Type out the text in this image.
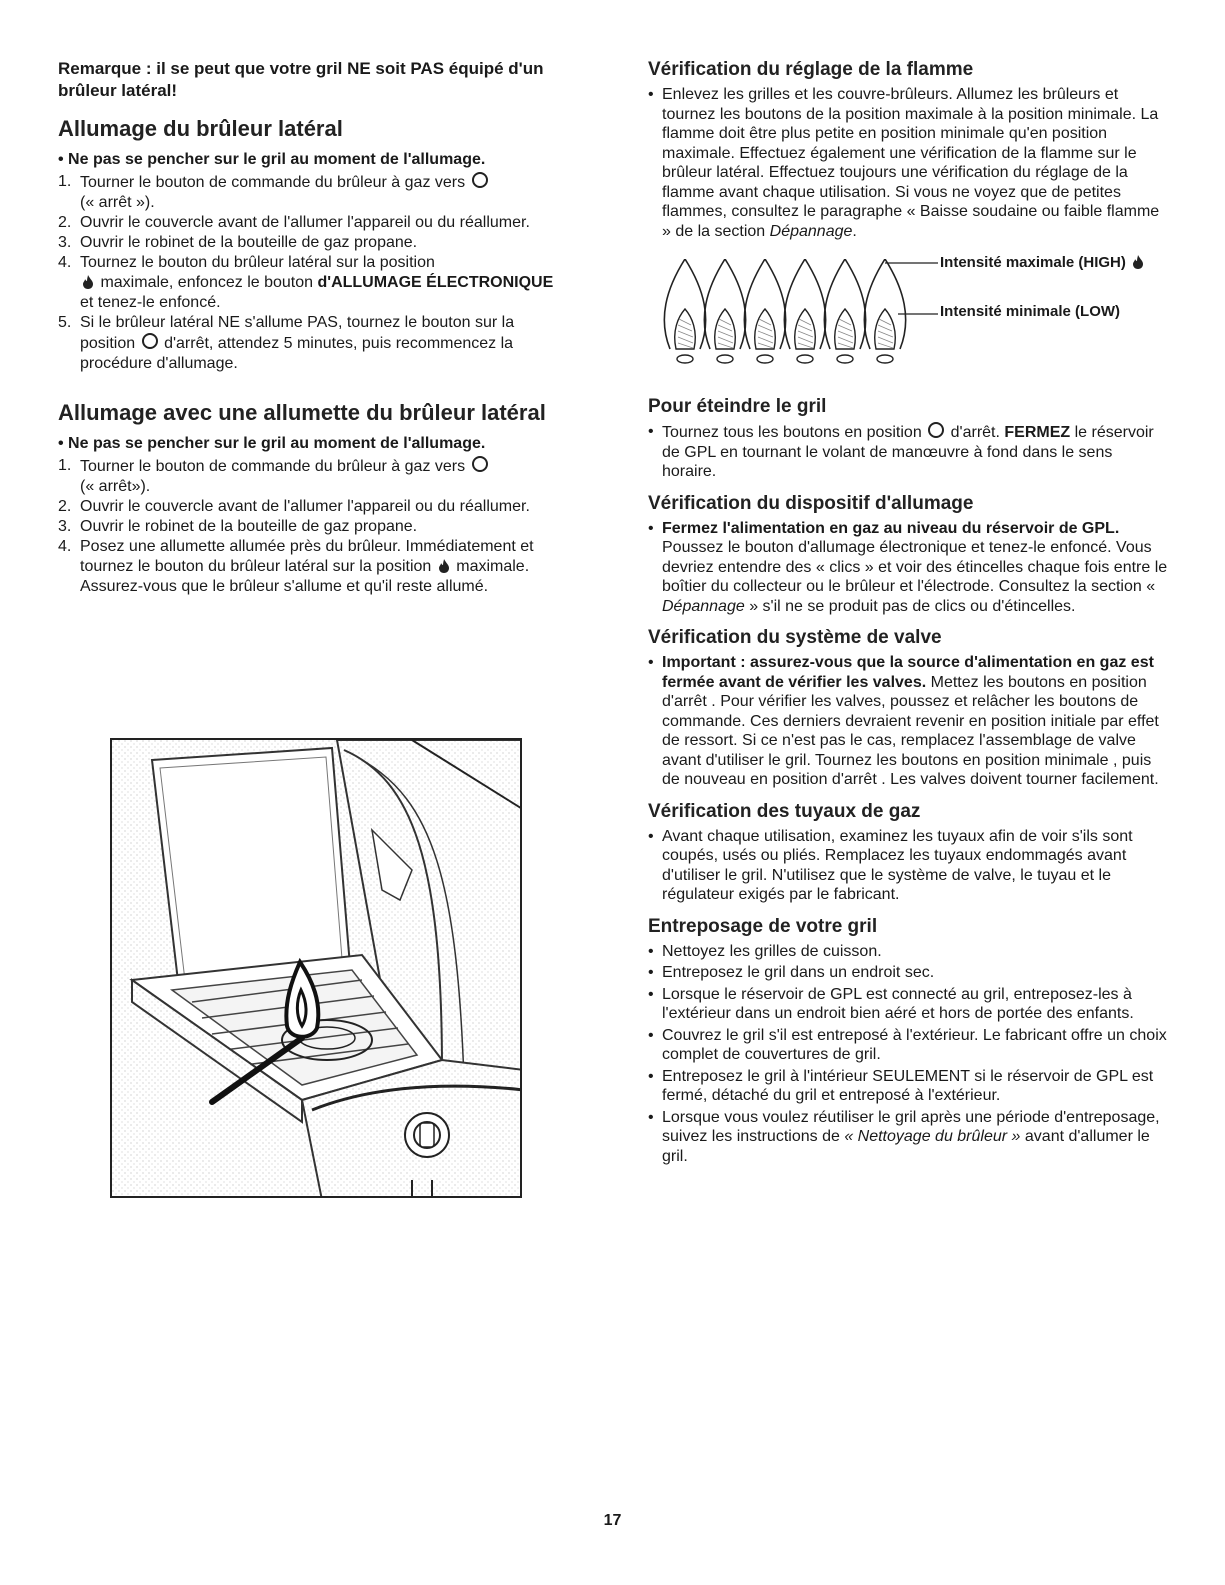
Remarque : il se peut que votre gril NE soit PAS équipé d'un brûleur latéral!

Allumage du brûleur latéral
• Ne pas se pencher sur le gril au moment de l'allumage.
1. Tourner le bouton de commande du brûleur à gaz vers
(« arrêt »).
2. Ouvrir le couvercle avant de l'allumer l'appareil ou du réallumer.
3. Ouvrir le robinet de la bouteille de gaz propane.
4. Tournez le bouton du brûleur latéral sur la position
maximale, enfoncez le bouton d'ALLUMAGE ÉLECTRONIQUE et tenez-le enfoncé.
5. Si le brûleur latéral NE s'allume PAS, tournez le bouton sur la position d'arrêt, attendez 5 minutes, puis recommencez la procédure d'allumage.
Allumage avec une allumette du brûleur latéral
• Ne pas se pencher sur le gril au moment de l'allumage.
1. Tourner le bouton de commande du brûleur à gaz vers
(« arrêt»).
2. Ouvrir le couvercle avant de l'allumer l'appareil ou du réallumer.
3. Ouvrir le robinet de la bouteille de gaz propane.
4. Posez une allumette allumée près du brûleur. Immédiatement et tournez le bouton du brûleur latéral sur la position maximale. Assurez-vous que le brûleur s'allume et qu'il reste allumé.
Vérification du réglage de la flamme
• Enlevez les grilles et les couvre-brûleurs. Allumez les brûleurs et tournez les boutons de la position maximale à la position minimale. La flamme doit être plus petite en position minimale qu'en position maximale. Effectuez également une vérification de la flamme sur le brûleur latéral. Effectuez toujours une vérification du réglage de la flamme avant chaque utilisation. Si vous ne voyez que de petites flammes, consultez le paragraphe « Baisse soudaine ou faible flamme » de la section Dépannage.
Intensité maximale (HIGH)
Intensité minimale (LOW)
Pour éteindre le gril
• Tournez tous les boutons en position d'arrêt. FERMEZ le réservoir de GPL en tournant le volant de manœuvre à fond dans le sens horaire.
Vérification du dispositif d'allumage
• Fermez l'alimentation en gaz au niveau du réservoir de GPL. Poussez le bouton d'allumage électronique et tenez-le enfoncé. Vous devriez entendre des « clics » et voir des étincelles chaque fois entre le boîtier du collecteur ou le brûleur et l'électrode. Consultez la section « Dépannage » s'il ne se produit pas de clics ou d'étincelles.
Vérification du système de valve
• Important : assurez-vous que la source d'alimentation en gaz est fermée avant de vérifier les valves. Mettez les boutons en position d'arrêt . Pour vérifier les valves, poussez et relâcher les boutons de commande. Ces derniers devraient revenir en position initiale par effet de ressort. Si ce n'est pas le cas, remplacez l'assemblage de valve avant d'utiliser le gril. Tournez les boutons en position minimale , puis de nouveau en position d'arrêt . Les valves doivent tourner facilement.
Vérification des tuyaux de gaz
• Avant chaque utilisation, examinez les tuyaux afin de voir s'ils sont coupés, usés ou pliés. Remplacez les tuyaux endommagés avant d'utiliser le gril. N'utilisez que le système de valve, le tuyau et le régulateur exigés par le fabricant.
Entreposage de votre gril
• Nettoyez les grilles de cuisson.
• Entreposez le gril dans un endroit sec.
• Lorsque le réservoir de GPL est connecté au gril, entreposez-les à l'extérieur dans un endroit bien aéré et hors de portée des enfants.
• Couvrez le gril s'il est entreposé à l'extérieur. Le fabricant offre un choix complet de couvertures de gril.
• Entreposez le gril à l'intérieur SEULEMENT si le réservoir de GPL est fermé, détaché du gril et entreposé à l'extérieur.
• Lorsque vous voulez réutiliser le gril après une période d'entreposage, suivez les instructions de « Nettoyage du brûleur » avant d'allumer le gril.
17
